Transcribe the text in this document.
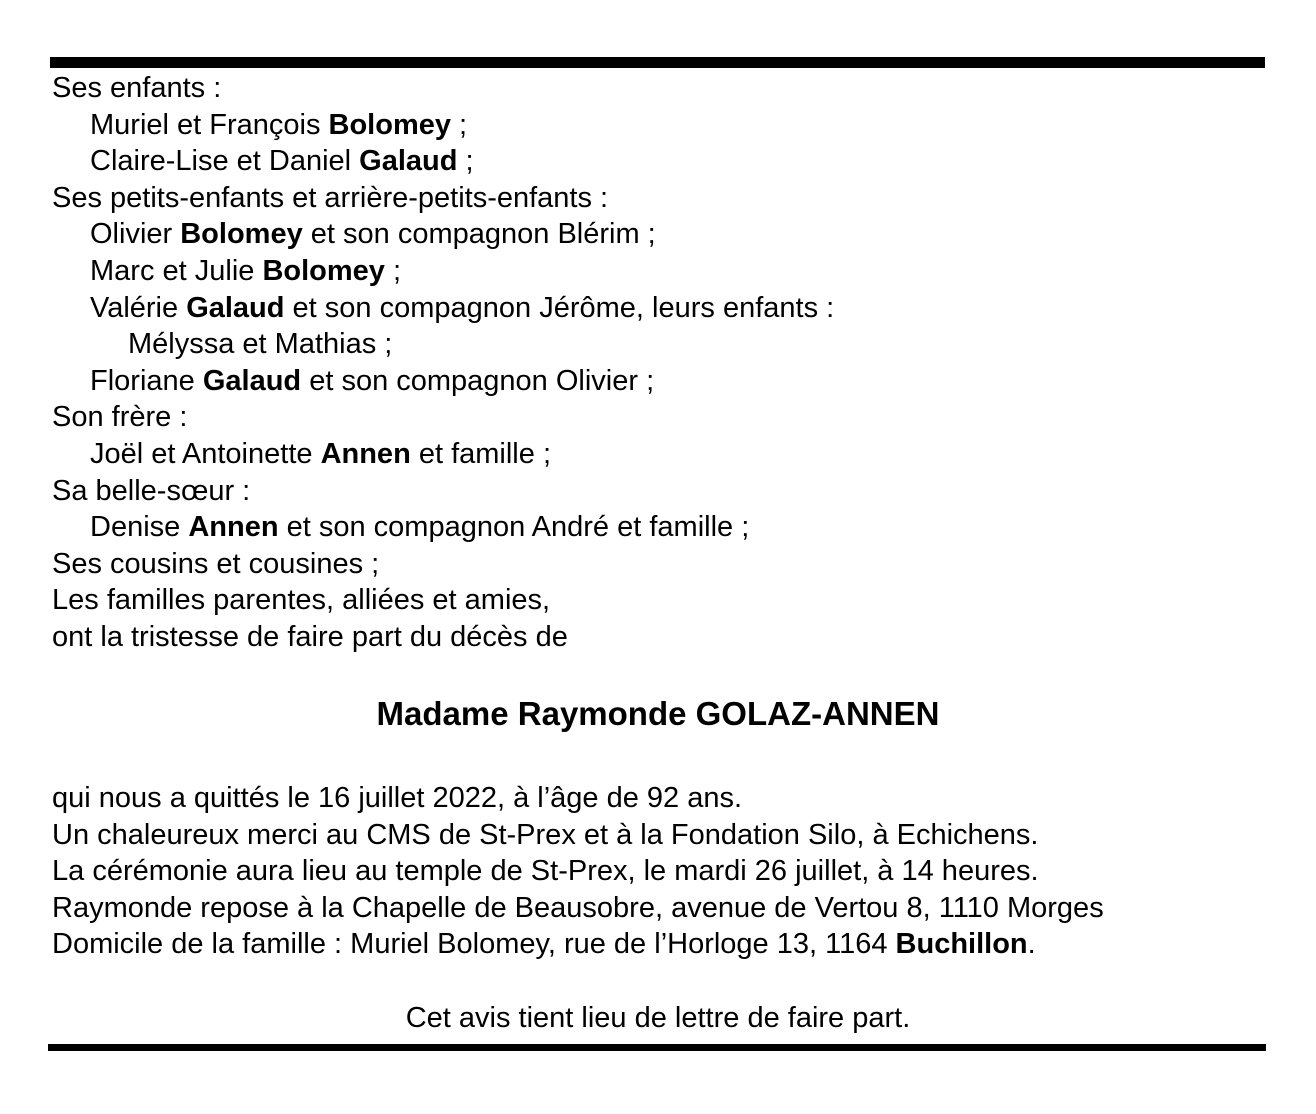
Ses enfants :
Muriel et François Bolomey ;
Claire-Lise et Daniel Galaud ;
Ses petits-enfants et arrière-petits-enfants :
Olivier Bolomey et son compagnon Blérim ;
Marc et Julie Bolomey ;
Valérie Galaud et son compagnon Jérôme, leurs enfants :
Mélyssa et Mathias ;
Floriane Galaud et son compagnon Olivier ;
Son frère :
Joël et Antoinette Annen et famille ;
Sa belle-sœur :
Denise Annen et son compagnon André et famille ;
Ses cousins et cousines ;
Les familles parentes, alliées et amies,
ont la tristesse de faire part du décès de
Madame Raymonde GOLAZ-ANNEN
qui nous a quittés le 16 juillet 2022, à l’âge de 92 ans.
Un chaleureux merci au CMS de St-Prex et à la Fondation Silo, à Echichens.
La cérémonie aura lieu au temple de St-Prex, le mardi 26 juillet, à 14 heures.
Raymonde repose à la Chapelle de Beausobre, avenue de Vertou 8, 1110 Morges
Domicile de la famille : Muriel Bolomey, rue de l’Horloge 13, 1164 Buchillon.
Cet avis tient lieu de lettre de faire part.
